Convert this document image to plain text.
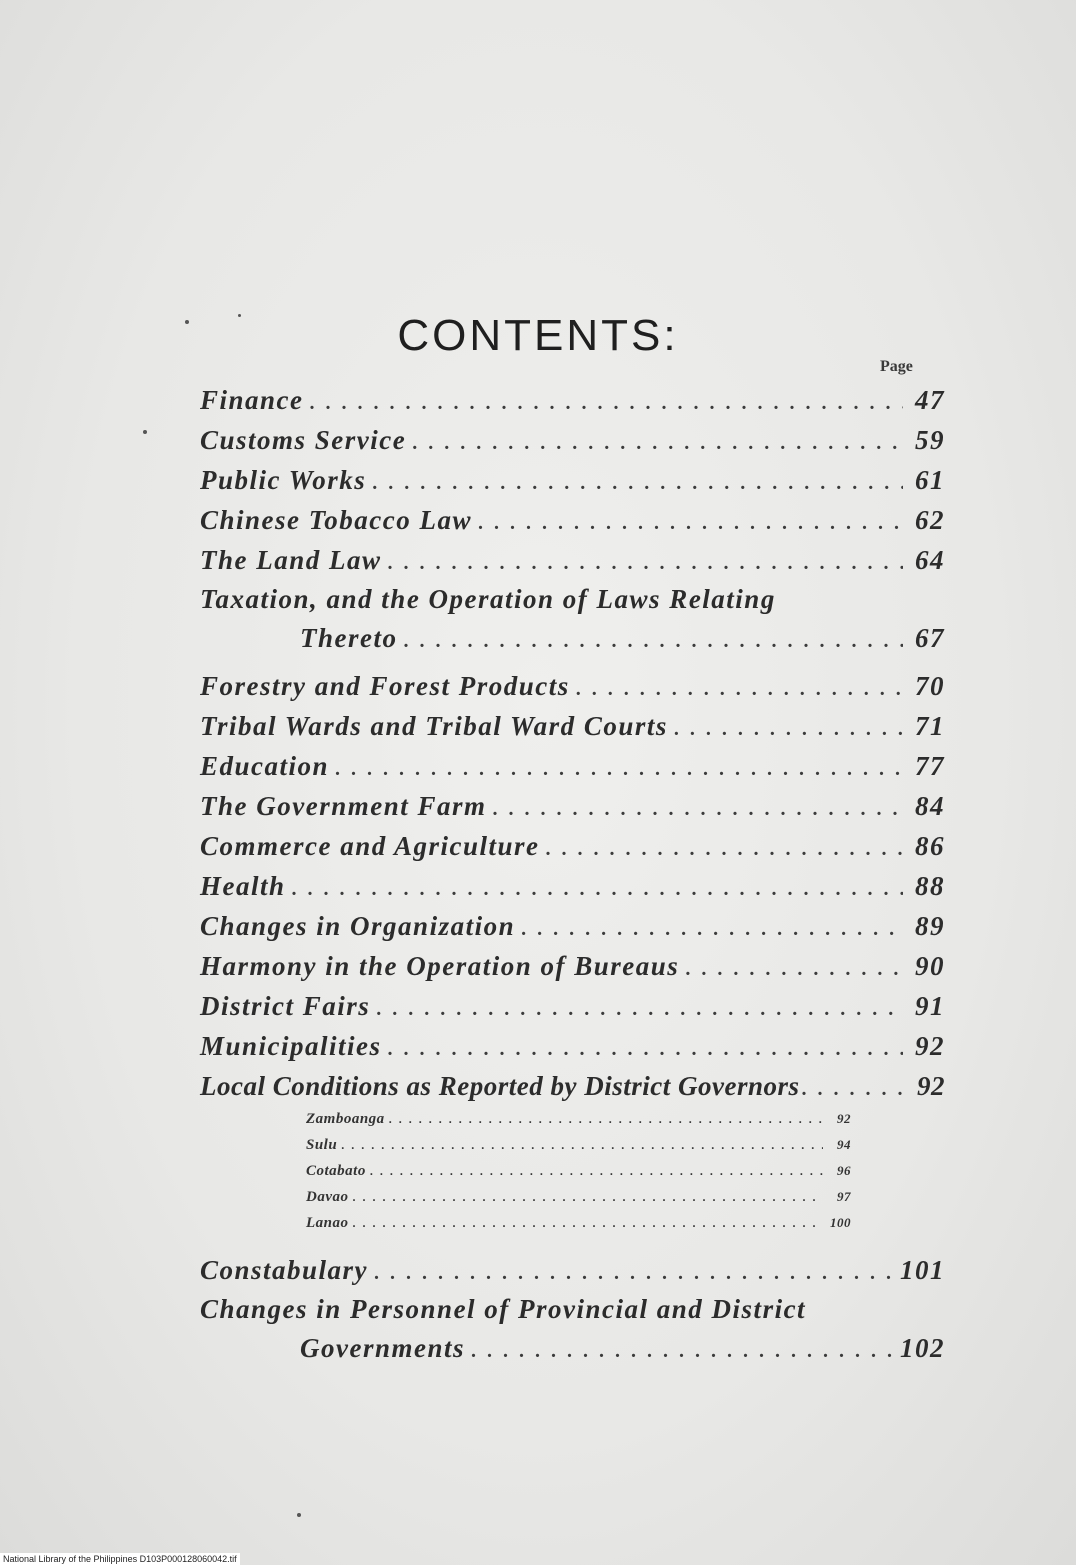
CONTENTS:
Page
Finance . . .	47
Customs Service . . .	59
Public Works . . .	61
Chinese Tobacco Law . . .	62
The Land Law . . .	64
Taxation, and the Operation of Laws Relating
Thereto . . .	67
Forestry and Forest Products . . .	70
Tribal Wards and Tribal Ward Courts . . .	71
Education . . .	77
The Government Farm . . .	84
Commerce and Agriculture . . .	86
Health . . .	88
Changes in Organization . . .	89
Harmony in the Operation of Bureaus . . .	90
District Fairs . . .	91
Municipalities . . .	92
Local Conditions as Reported by District Governors . . .	92
Zamboanga . . .	92
Sulu . . .	94
Cotabato . . .	96
Davao . . .	97
Lanao . . .	100
Constabulary . . .	101
Changes in Personnel of Provincial and District
Governments . . .	102
National Library of the Philippines D103P000128060042.tif
